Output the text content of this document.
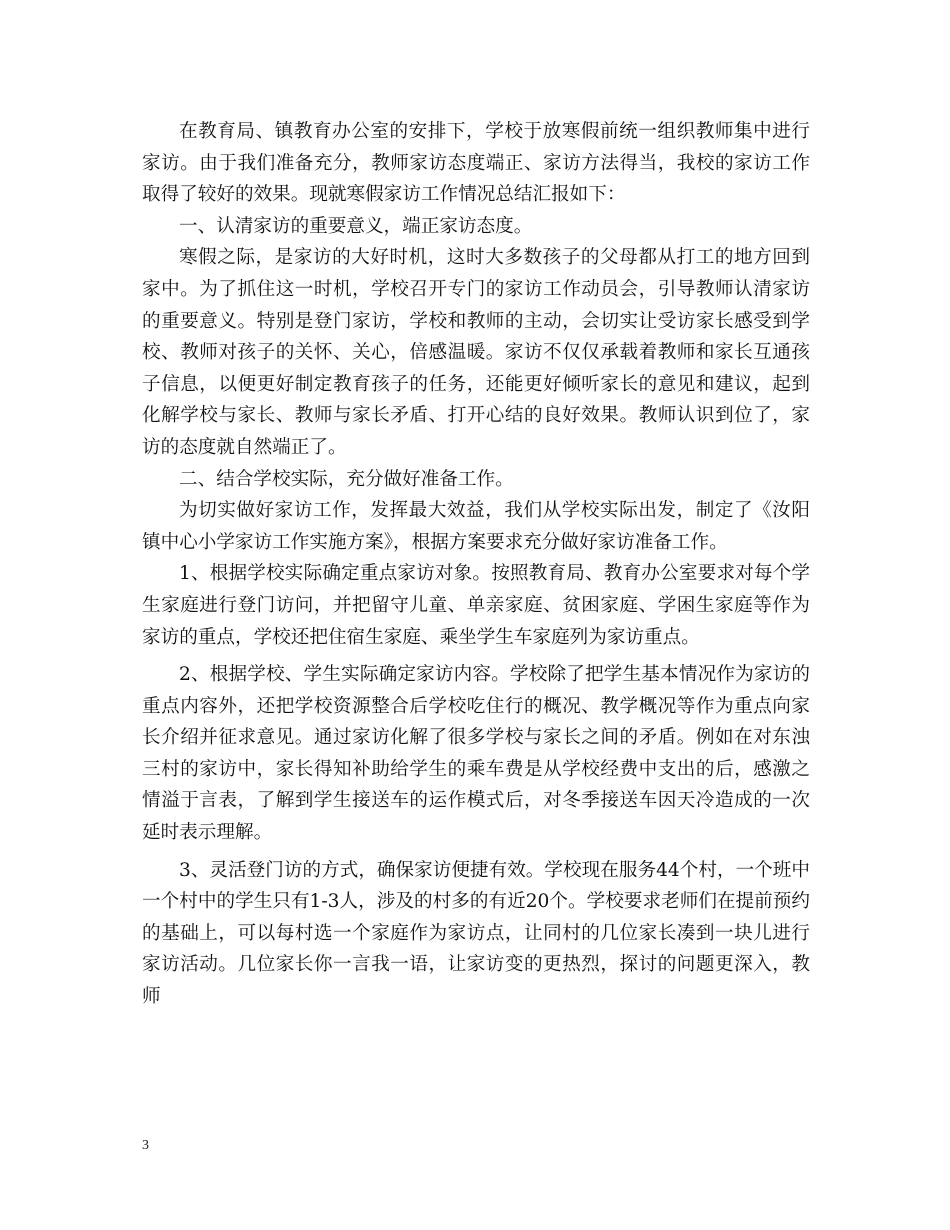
在教育局、镇教育办公室的安排下，学校于放寒假前统一组织教师集中进行家访。由于我们准备充分，教师家访态度端正、家访方法得当，我校的家访工作取得了较好的效果。现就寒假家访工作情况总结汇报如下：

一、认清家访的重要意义，端正家访态度。

寒假之际，是家访的大好时机，这时大多数孩子的父母都从打工的地方回到家中。为了抓住这一时机，学校召开专门的家访工作动员会，引导教师认清家访的重要意义。特别是登门家访，学校和教师的主动，会切实让受访家长感受到学校、教师对孩子的关怀、关心，倍感温暖。家访不仅仅承载着教师和家长互通孩子信息，以便更好制定教育孩子的任务，还能更好倾听家长的意见和建议，起到化解学校与家长、教师与家长矛盾、打开心结的良好效果。教师认识到位了，家访的态度就自然端正了。

二、结合学校实际，充分做好准备工作。

为切实做好家访工作，发挥最大效益，我们从学校实际出发，制定了《汝阳镇中心小学家访工作实施方案》，根据方案要求充分做好家访准备工作。

1、根据学校实际确定重点家访对象。按照教育局、教育办公室要求对每个学生家庭进行登门访问，并把留守儿童、单亲家庭、贫困家庭、学困生家庭等作为家访的重点，学校还把住宿生家庭、乘坐学生车家庭列为家访重点。

2、根据学校、学生实际确定家访内容。学校除了把学生基本情况作为家访的重点内容外，还把学校资源整合后学校吃住行的概况、教学概况等作为重点向家长介绍并征求意见。通过家访化解了很多学校与家长之间的矛盾。例如在对东浊三村的家访中，家长得知补助给学生的乘车费是从学校经费中支出的后，感激之情溢于言表，了解到学生接送车的运作模式后，对冬季接送车因天冷造成的一次延时表示理解。

3、灵活登门访的方式，确保家访便捷有效。学校现在服务44个村，一个班中一个村中的学生只有1-3人，涉及的村多的有近20个。学校要求老师们在提前预约的基础上，可以每村选一个家庭作为家访点，让同村的几位家长凑到一块儿进行家访活动。几位家长你一言我一语，让家访变的更热烈，探讨的问题更深入，教师

3
